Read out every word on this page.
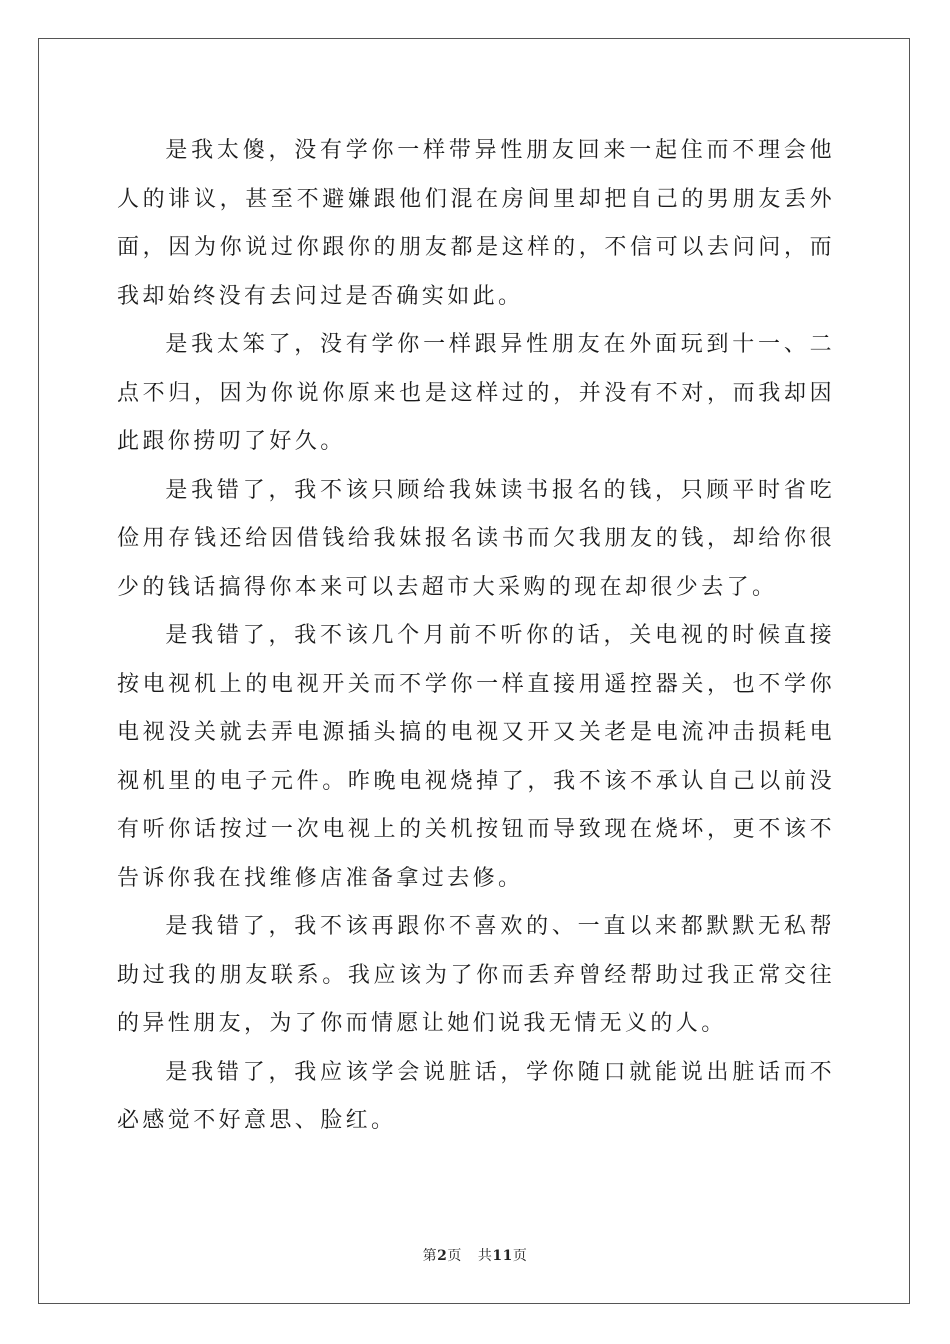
是我太傻，没有学你一样带异性朋友回来一起住而不理会他人的诽议，甚至不避嫌跟他们混在房间里却把自己的男朋友丢外面，因为你说过你跟你的朋友都是这样的，不信可以去问问，而我却始终没有去问过是否确实如此。

是我太笨了，没有学你一样跟异性朋友在外面玩到十一、二点不归，因为你说你原来也是这样过的，并没有不对，而我却因此跟你捞叨了好久。

是我错了，我不该只顾给我妹读书报名的钱，只顾平时省吃俭用存钱还给因借钱给我妹报名读书而欠我朋友的钱，却给你很少的钱话搞得你本来可以去超市大采购的现在却很少去了。

是我错了，我不该几个月前不听你的话，关电视的时候直接按电视机上的电视开关而不学你一样直接用遥控器关，也不学你电视没关就去弄电源插头搞的电视又开又关老是电流冲击损耗电视机里的电子元件。昨晚电视烧掉了，我不该不承认自己以前没有听你话按过一次电视上的关机按钮而导致现在烧坏，更不该不告诉你我在找维修店准备拿过去修。

是我错了，我不该再跟你不喜欢的、一直以来都默默无私帮助过我的朋友联系。我应该为了你而丢弃曾经帮助过我正常交往的异性朋友，为了你而情愿让她们说我无情无义的人。

是我错了，我应该学会说脏话，学你随口就能说出脏话而不必感觉不好意思、脸红。

第2页 共11页
